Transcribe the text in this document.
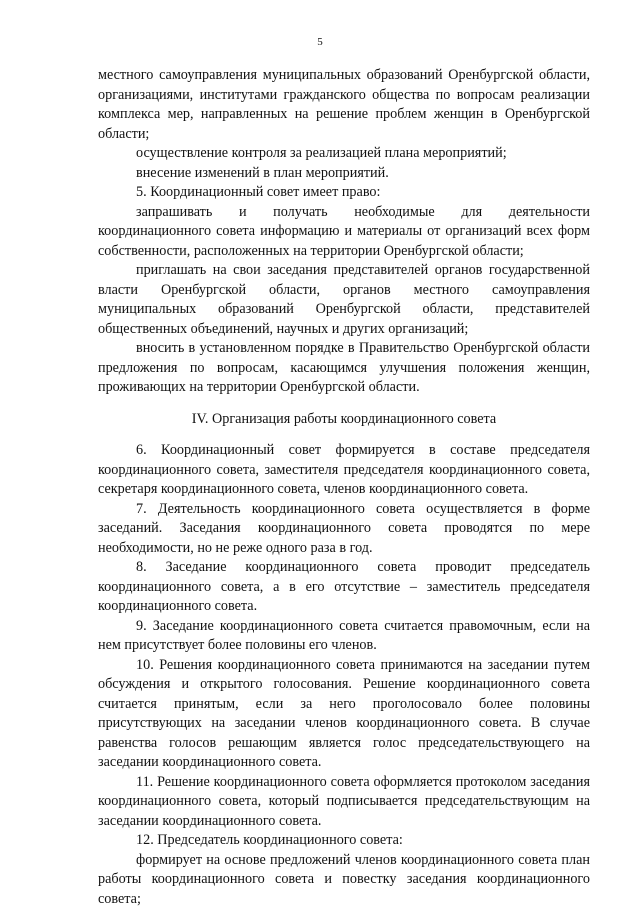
5

местного самоуправления муниципальных образований Оренбургской области, организациями, институтами гражданского общества по вопросам реализации комплекса мер, направленных на решение проблем женщин в Оренбургской области;

осуществление контроля за реализацией плана мероприятий;

внесение изменений в план мероприятий.

5. Координационный совет имеет право:

запрашивать и получать необходимые для деятельности координационного совета информацию и материалы от организаций всех форм собственности, расположенных на территории Оренбургской области;

приглашать на свои заседания представителей органов государственной власти Оренбургской области, органов местного самоуправления муниципальных образований Оренбургской области, представителей общественных объединений, научных и других организаций;

вносить в установленном порядке в Правительство Оренбургской области предложения по вопросам, касающимся улучшения положения женщин, проживающих на территории Оренбургской области.

IV. Организация работы координационного совета

6. Координационный совет формируется в составе председателя координационного совета, заместителя председателя координационного совета, секретаря координационного совета, членов координационного совета.

7. Деятельность координационного совета осуществляется в форме заседаний. Заседания координационного совета проводятся по мере необходимости, но не реже одного раза в год.

8. Заседание координационного совета проводит председатель координационного совета, а в его отсутствие – заместитель председателя координационного совета.

9. Заседание координационного совета считается правомочным, если на нем присутствует более половины его членов.

10. Решения координационного совета принимаются на заседании путем обсуждения и открытого голосования. Решение координационного совета считается принятым, если за него проголосовало более половины присутствующих на заседании членов координационного совета. В случае равенства голосов решающим является голос председательствующего на заседании координационного совета.

11. Решение координационного совета оформляется протоколом заседания координационного совета, который подписывается председательствующим на заседании координационного совета.

12. Председатель координационного совета:

формирует на основе предложений членов координационного совета план работы координационного совета и повестку заседания координационного совета;
